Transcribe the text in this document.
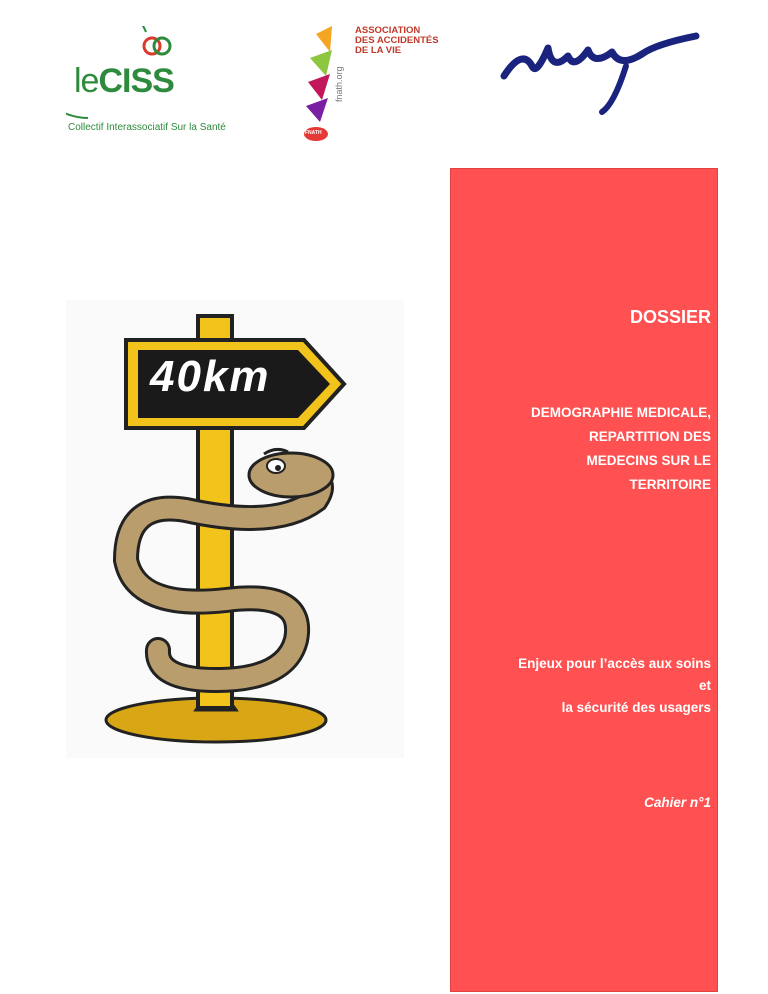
leCISS
Collectif Interassociatif Sur la Santé
ASSOCIATION
DES ACCIDENTÉS
DE LA VIE
fnath.org
FNATH
40km
DOSSIER
DEMOGRAPHIE MEDICALE,
REPARTITION DES
MEDECINS SUR LE
TERRITOIRE
Enjeux pour l’accès aux soins
et
la sécurité des usagers
Cahier n°1
